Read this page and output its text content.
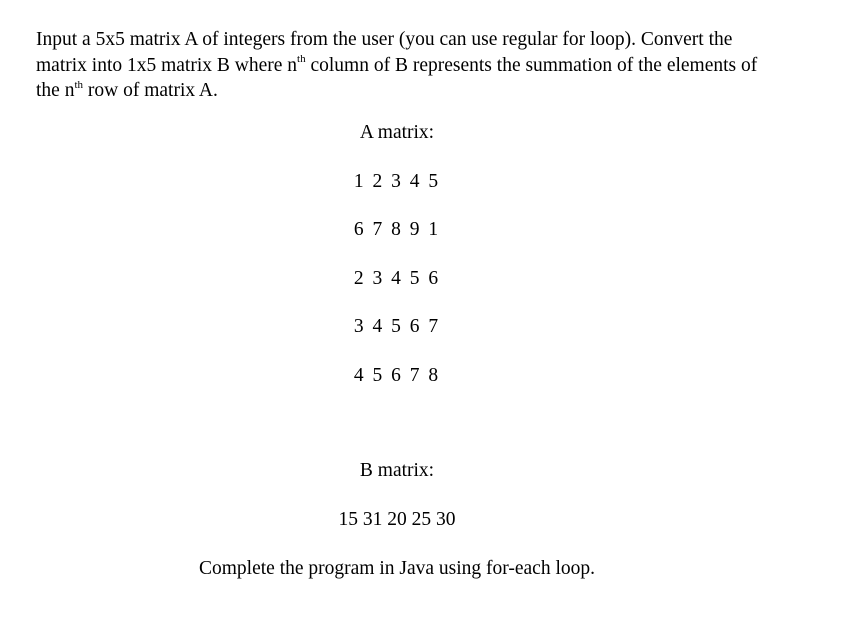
Input a 5x5 matrix A of integers from the user (you can use regular for loop). Convert the
matrix into 1x5 matrix B where $n^{th}$ column of B represents the summation of the elements of
the $n^{th}$ row of matrix A.
A matrix:
1 2 3 4 5
6 7 8 9 1
2 3 4 5 6
3 4 5 6 7
4 5 6 7 8
B matrix:
15 31 20 25 30
Complete the program in Java using for-each loop.
